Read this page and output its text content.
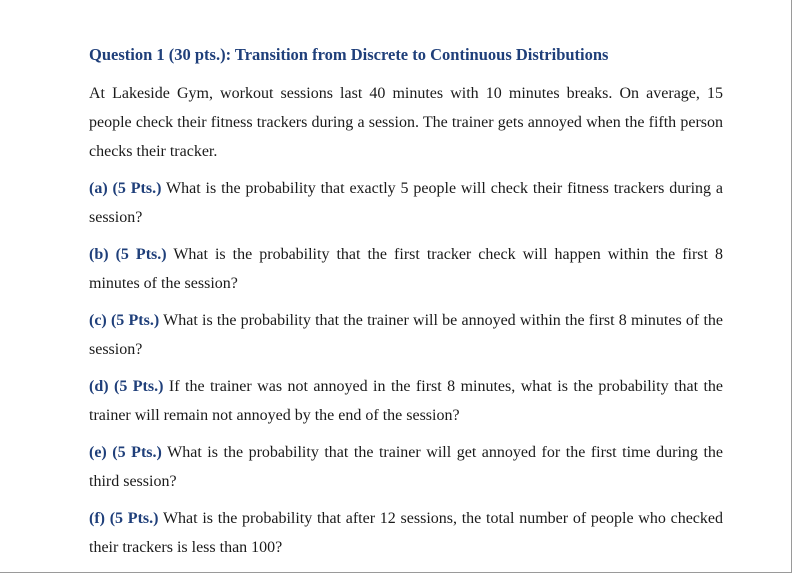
Question 1 (30 pts.): Transition from Discrete to Continuous Distributions

At Lakeside Gym, workout sessions last 40 minutes with 10 minutes breaks. On average, 15 people check their fitness trackers during a session. The trainer gets annoyed when the fifth person checks their tracker.

(a) (5 Pts.) What is the probability that exactly 5 people will check their fitness trackers during a session?

(b) (5 Pts.) What is the probability that the first tracker check will happen within the first 8 minutes of the session?

(c) (5 Pts.) What is the probability that the trainer will be annoyed within the first 8 minutes of the session?

(d) (5 Pts.) If the trainer was not annoyed in the first 8 minutes, what is the probability that the trainer will remain not annoyed by the end of the session?

(e) (5 Pts.) What is the probability that the trainer will get annoyed for the first time during the third session?

(f) (5 Pts.) What is the probability that after 12 sessions, the total number of people who checked their trackers is less than 100?
